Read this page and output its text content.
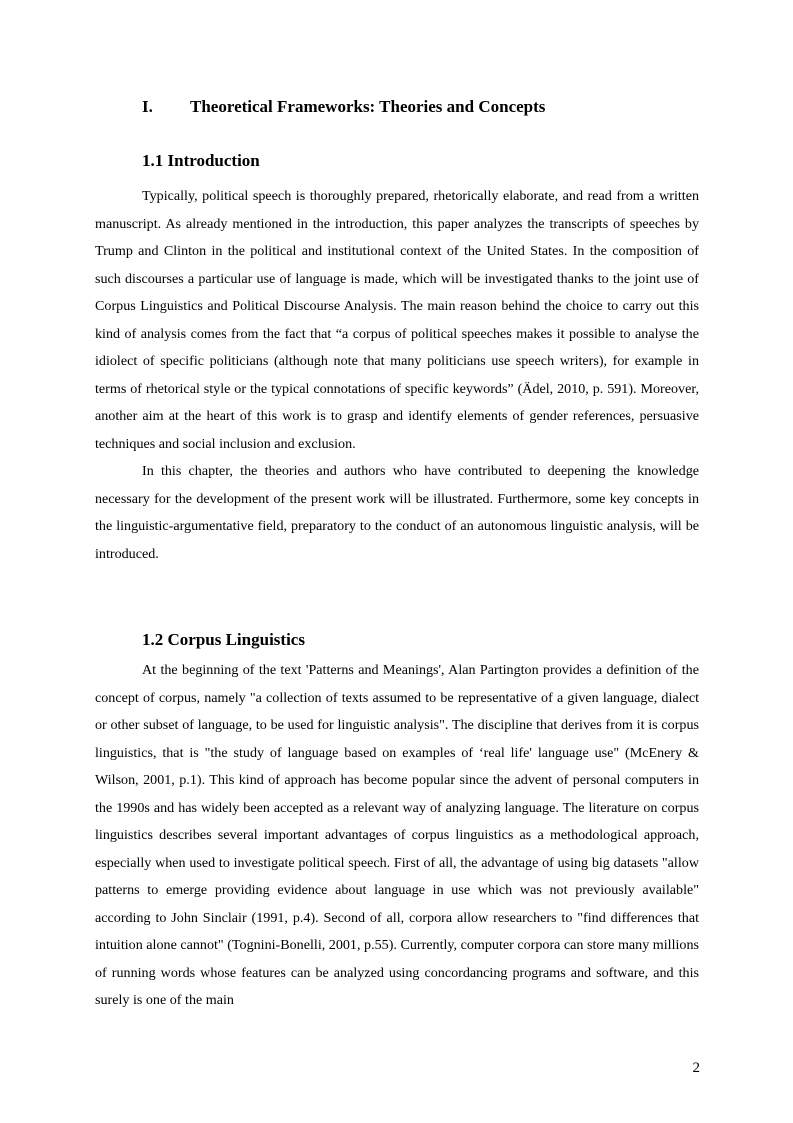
I. Theoretical Frameworks: Theories and Concepts
1.1 Introduction

Typically, political speech is thoroughly prepared, rhetorically elaborate, and read from a written manuscript. As already mentioned in the introduction, this paper analyzes the transcripts of speeches by Trump and Clinton in the political and institutional context of the United States. In the composition of such discourses a particular use of language is made, which will be investigated thanks to the joint use of Corpus Linguistics and Political Discourse Analysis. The main reason behind the choice to carry out this kind of analysis comes from the fact that “a corpus of political speeches makes it possible to analyse the idiolect of specific politicians (although note that many politicians use speech writers), for example in terms of rhetorical style or the typical connotations of specific keywords” (Ädel, 2010, p. 591). Moreover, another aim at the heart of this work is to grasp and identify elements of gender references, persuasive techniques and social inclusion and exclusion.

In this chapter, the theories and authors who have contributed to deepening the knowledge necessary for the development of the present work will be illustrated. Furthermore, some key concepts in the linguistic-argumentative field, preparatory to the conduct of an autonomous linguistic analysis, will be introduced.

1.2 Corpus Linguistics

At the beginning of the text 'Patterns and Meanings', Alan Partington provides a definition of the concept of corpus, namely "a collection of texts assumed to be representative of a given language, dialect or other subset of language, to be used for linguistic analysis". The discipline that derives from it is corpus linguistics, that is "the study of language based on examples of ‘real life' language use" (McEnery & Wilson, 2001, p.1). This kind of approach has become popular since the advent of personal computers in the 1990s and has widely been accepted as a relevant way of analyzing language. The literature on corpus linguistics describes several important advantages of corpus linguistics as a methodological approach, especially when used to investigate political speech. First of all, the advantage of using big datasets "allow patterns to emerge providing evidence about language in use which was not previously available" according to John Sinclair (1991, p.4). Second of all, corpora allow researchers to "find differences that intuition alone cannot" (Tognini-Bonelli, 2001, p.55). Currently, computer corpora can store many millions of running words whose features can be analyzed using concordancing programs and software, and this surely is one of the main

2
